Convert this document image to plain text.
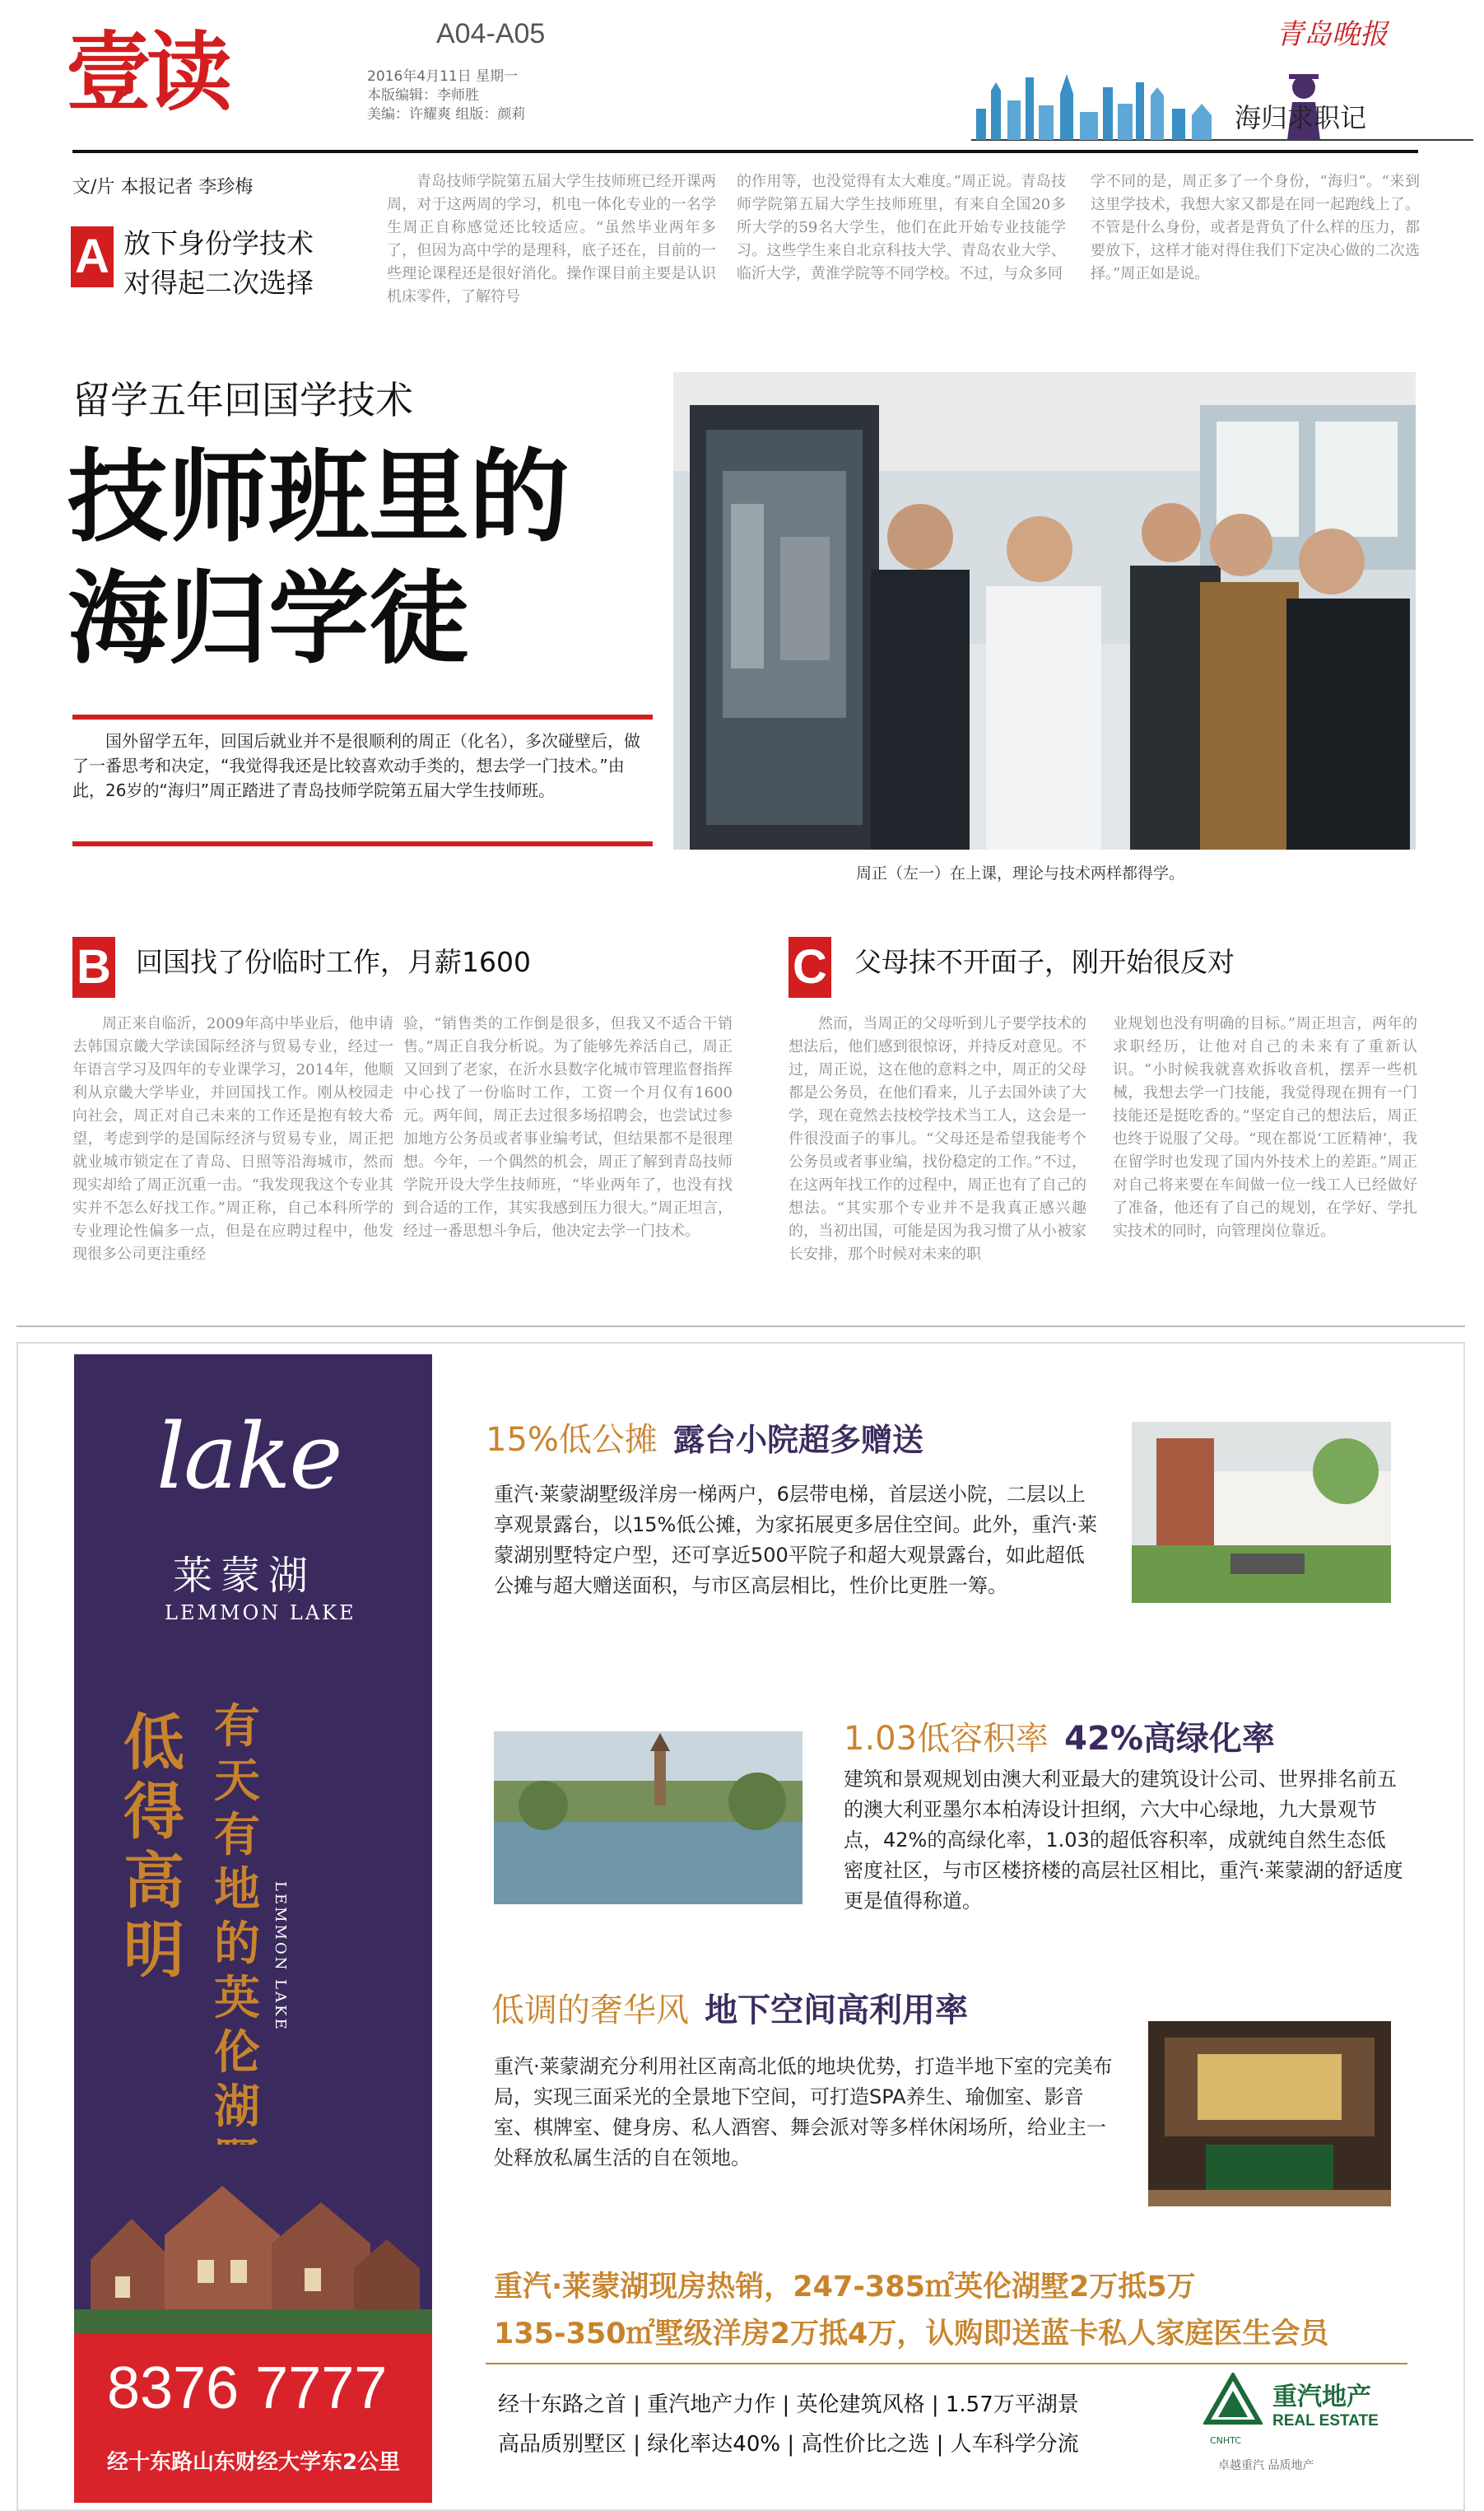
壹读	A04-A05
2016年4月11日 星期一
本版编辑：李师胜
美编：许耀爽 组版：颜莉
青岛晚报
海归求职记
文/片 本报记者 李珍梅
A 放下身份学技术
对得起二次选择
青岛技师学院第五届大学生技师班已经开课两周，对于这两周的学习，机电一体化专业的一名学生周正自称感觉还比较适应。“虽然毕业两年多了，但因为高中学的是理科，底子还在，目前的一些理论课程还是很好消化。操作课目前主要是认识机床零件，了解符号
的作用等，也没觉得有太大难度。”周正说。青岛技师学院第五届大学生技师班里，有来自全国20多所大学的59名大学生，他们在此开始专业技能学习。这些学生来自北京科技大学、青岛农业大学、临沂大学，黄淮学院等不同学校。不过，与众多同
学不同的是，周正多了一个身份，“海归”。“来到这里学技术，我想大家又都是在同一起跑线上了。不管是什么身份，或者是背负了什么样的压力，都要放下，这样才能对得住我们下定决心做的二次选择。”周正如是说。
留学五年回国学技术
技师班里的
海归学徒
国外留学五年，回国后就业并不是很顺利的周正（化名），多次碰壁后，做了一番思考和决定，“我觉得我还是比较喜欢动手类的，想去学一门技术。”由此，26岁的“海归”周正踏进了青岛技师学院第五届大学生技师班。
周正（左一）在上课，理论与技术两样都得学。
B 回国找了份临时工作，月薪1600
周正来自临沂，2009年高中毕业后，他申请去韩国京畿大学读国际经济与贸易专业，经过一年语言学习及四年的专业课学习，2014年，他顺利从京畿大学毕业，并回国找工作。刚从校园走向社会，周正对自己未来的工作还是抱有较大希望，考虑到学的是国际经济与贸易专业，周正把就业城市锁定在了青岛、日照等沿海城市，然而现实却给了周正沉重一击。“我发现我这个专业其实并不怎么好找工作。”周正称，自己本科所学的专业理论性偏多一点，但是在应聘过程中，他发现很多公司更注重经
验，“销售类的工作倒是很多，但我又不适合干销售。”周正自我分析说。为了能够先养活自己，周正又回到了老家，在沂水县数字化城市管理监督指挥中心找了一份临时工作，工资一个月仅有1600元。两年间，周正去过很多场招聘会，也尝试过参加地方公务员或者事业编考试，但结果都不是很理想。今年，一个偶然的机会，周正了解到青岛技师学院开设大学生技师班，“毕业两年了，也没有找到合适的工作，其实我感到压力很大。”周正坦言，经过一番思想斗争后，他决定去学一门技术。
C 父母抹不开面子，刚开始很反对
然而，当周正的父母听到儿子要学技术的想法后，他们感到很惊讶，并持反对意见。不过，周正说，这在他的意料之中，周正的父母都是公务员，在他们看来，儿子去国外读了大学，现在竟然去技校学技术当工人，这会是一件很没面子的事儿。“父母还是希望我能考个公务员或者事业编，找份稳定的工作。”不过，在这两年找工作的过程中，周正也有了自己的想法。“其实那个专业并不是我真正感兴趣的，当初出国，可能是因为我习惯了从小被家长安排，那个时候对未来的职
业规划也没有明确的目标。”周正坦言，两年的求职经历，让他对自己的未来有了重新认识。“小时候我就喜欢拆收音机，摆弄一些机械，我想去学一门技能，我觉得现在拥有一门技能还是挺吃香的。”坚定自己的想法后，周正也终于说服了父母。“现在都说‘工匠精神’，我在留学时也发现了国内外技术上的差距。”周正对自己将来要在车间做一位一线工人已经做好了准备，他还有了自己的规划，在学好、学扎实技术的同时，向管理岗位靠近。
lake
莱蒙湖
LEMMON LAKE
低得高明
有天有地的英伦湖
LEMMON LAKE
8376 7777
经十东路山东财经大学东2公里
15%低公摊 露台小院超多赠送
重汽·莱蒙湖墅级洋房一梯两户，6层带电梯，首层送小院，二层以上享观景露台，以15%低公摊，为家拓展更多居住空间。此外，重汽·莱蒙湖别墅特定户型，还可享近500平院子和超大观景露台，如此超低公摊与超大赠送面积，与市区高层相比，性价比更胜一筹。
1.03低容积率 42%高绿化率
建筑和景观规划由澳大利亚最大的建筑设计公司、世界排名前五的澳大利亚墨尔本柏涛设计担纲，六大中心绿地，九大景观节点，42%的高绿化率，1.03的超低容积率，成就纯自然生态低密度社区，与市区楼挤楼的高层社区相比，重汽·莱蒙湖的舒适度更是值得称道。
低调的奢华风 地下空间高利用率
重汽·莱蒙湖充分利用社区南高北低的地块优势，打造半地下室的完美布局，实现三面采光的全景地下空间，可打造SPA养生、瑜伽室、影音室、棋牌室、健身房、私人酒窖、舞会派对等多样休闲场所，给业主一处释放私属生活的自在领地。
重汽·莱蒙湖现房热销，247-385㎡英伦湖墅2万抵5万
135-350㎡墅级洋房2万抵4万，认购即送蓝卡私人家庭医生会员
经十东路之首 | 重汽地产力作 | 英伦建筑风格 | 1.57万平湖景
高品质别墅区 | 绿化率达40% | 高性价比之选 | 人车科学分流	CNHTC
重汽地产
REAL ESTATE
卓越重汽 品质地产
